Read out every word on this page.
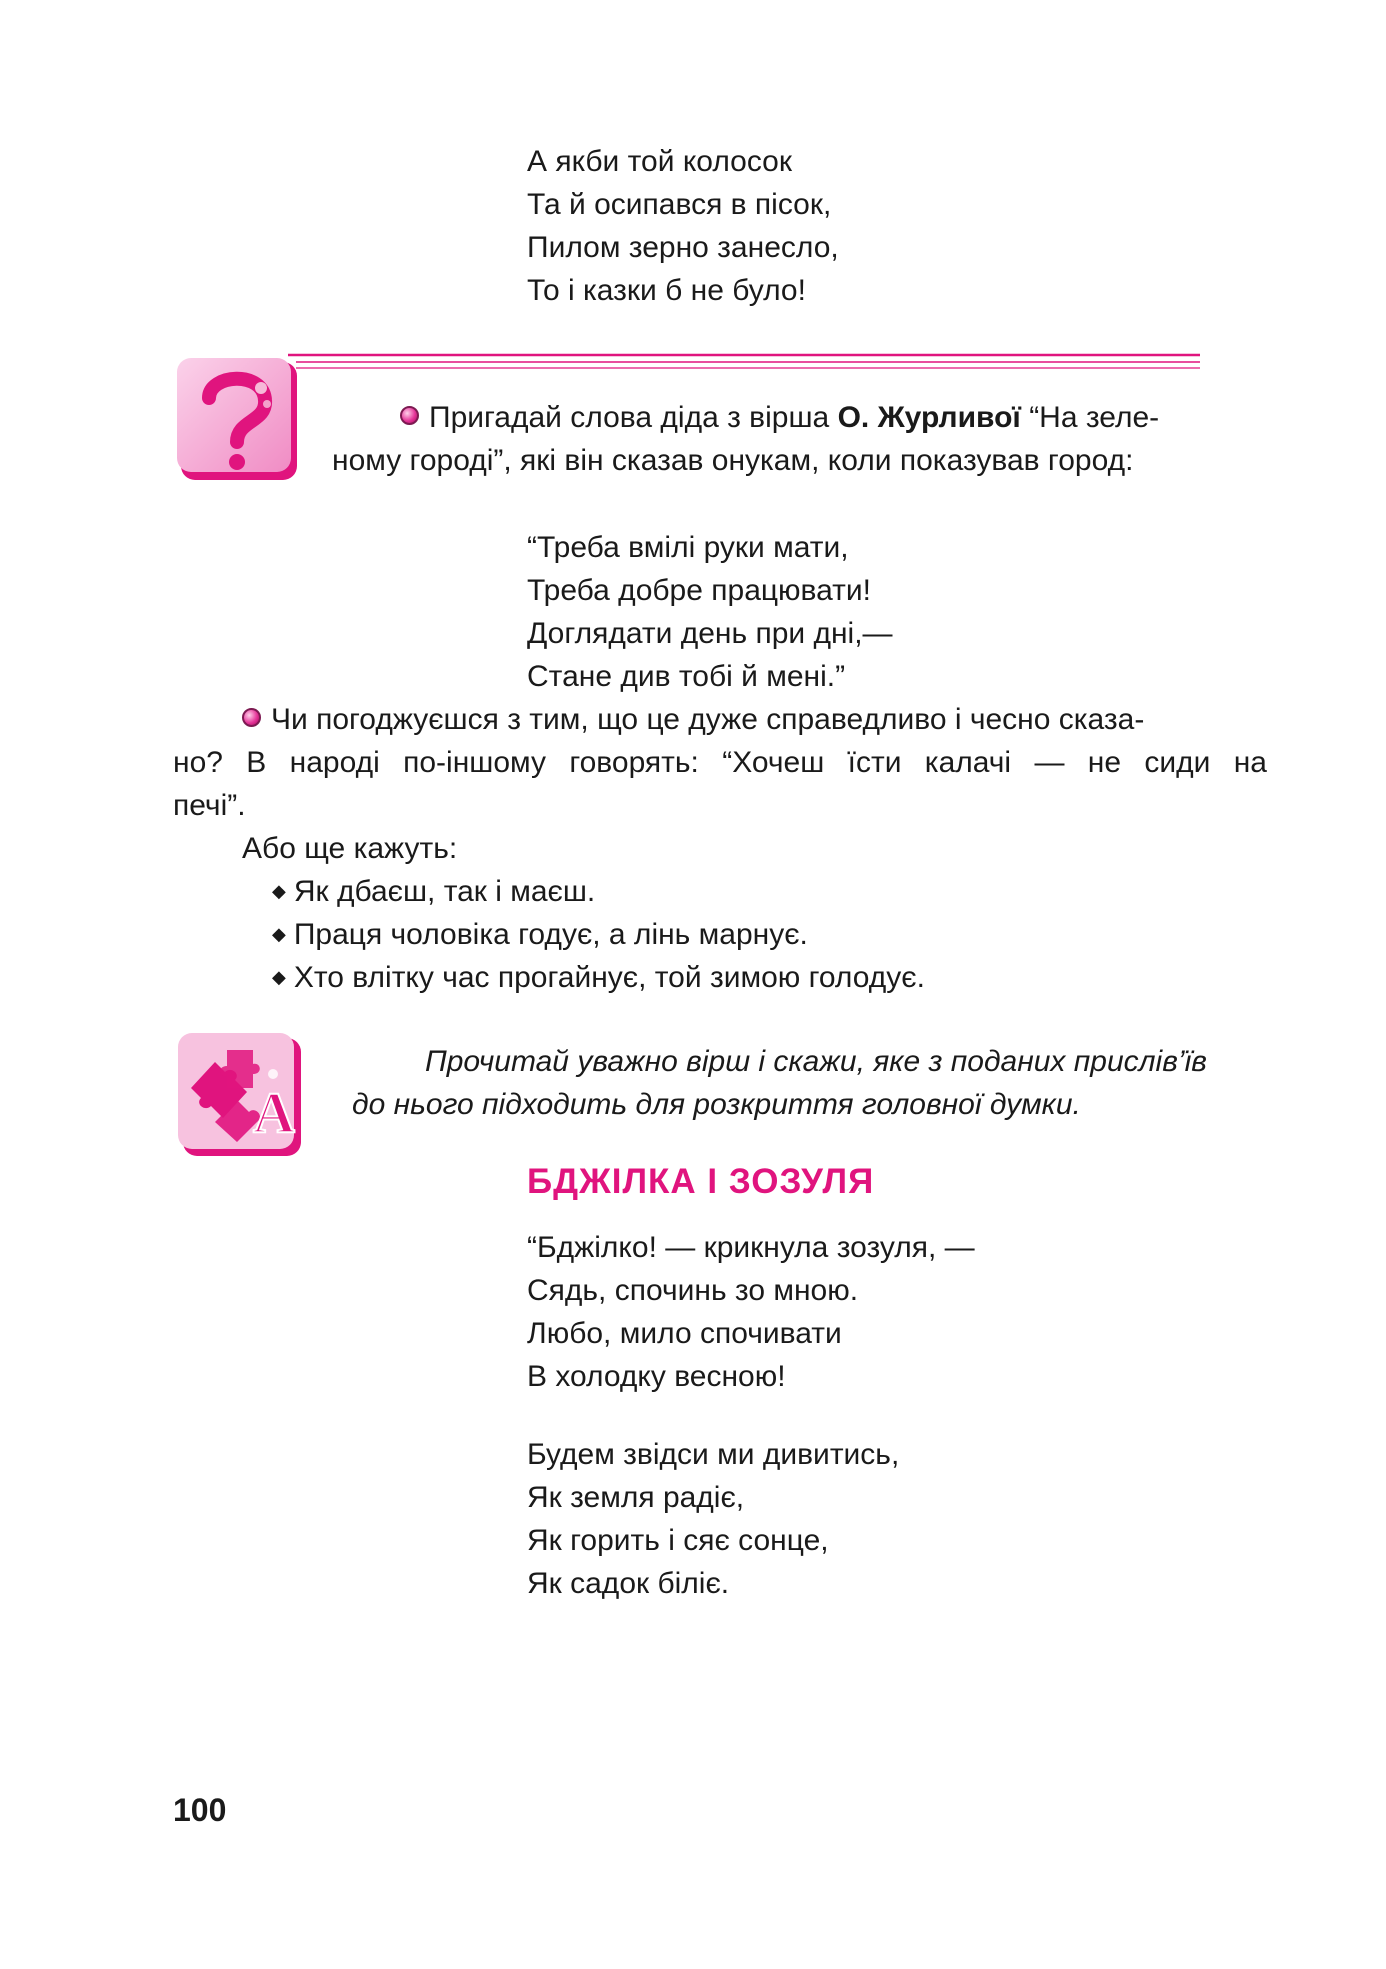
А якби той колосок
Та й осипався в пісок,
Пилом зерно занесло,
То і казки б не було!
Пригадай слова діда з вірша О. Журливої “На зеле-
ному городі”, які він сказав онукам, коли показував город:
“Треба вмілі руки мати,
Треба добре працювати!
Доглядати день при дні,—
Стане див тобі й мені.”
Чи погоджуєшся з тим, що це дуже справедливо і чесно сказа-
но? В народі по-іншому говорять: “Хочеш їсти калачі — не сиди на
печі”.
Або ще кажуть:
◆ Як дбаєш, так і маєш.
◆ Праця чоловіка годує, а лінь марнує.
◆ Хто влітку час прогайнує, той зимою голодує.
А
Прочитай уважно вірш і скажи, яке з поданих прислів’їв
до нього підходить для розкриття головної думки.
БДЖІЛКА І ЗОЗУЛЯ
“Бджілко! — крикнула зозуля, —
Сядь, спочинь зо мною.
Любо, мило спочивати
В холодку весною!
Будем звідси ми дивитись,
Як земля радіє,
Як горить і сяє сонце,
Як садок біліє.
100
